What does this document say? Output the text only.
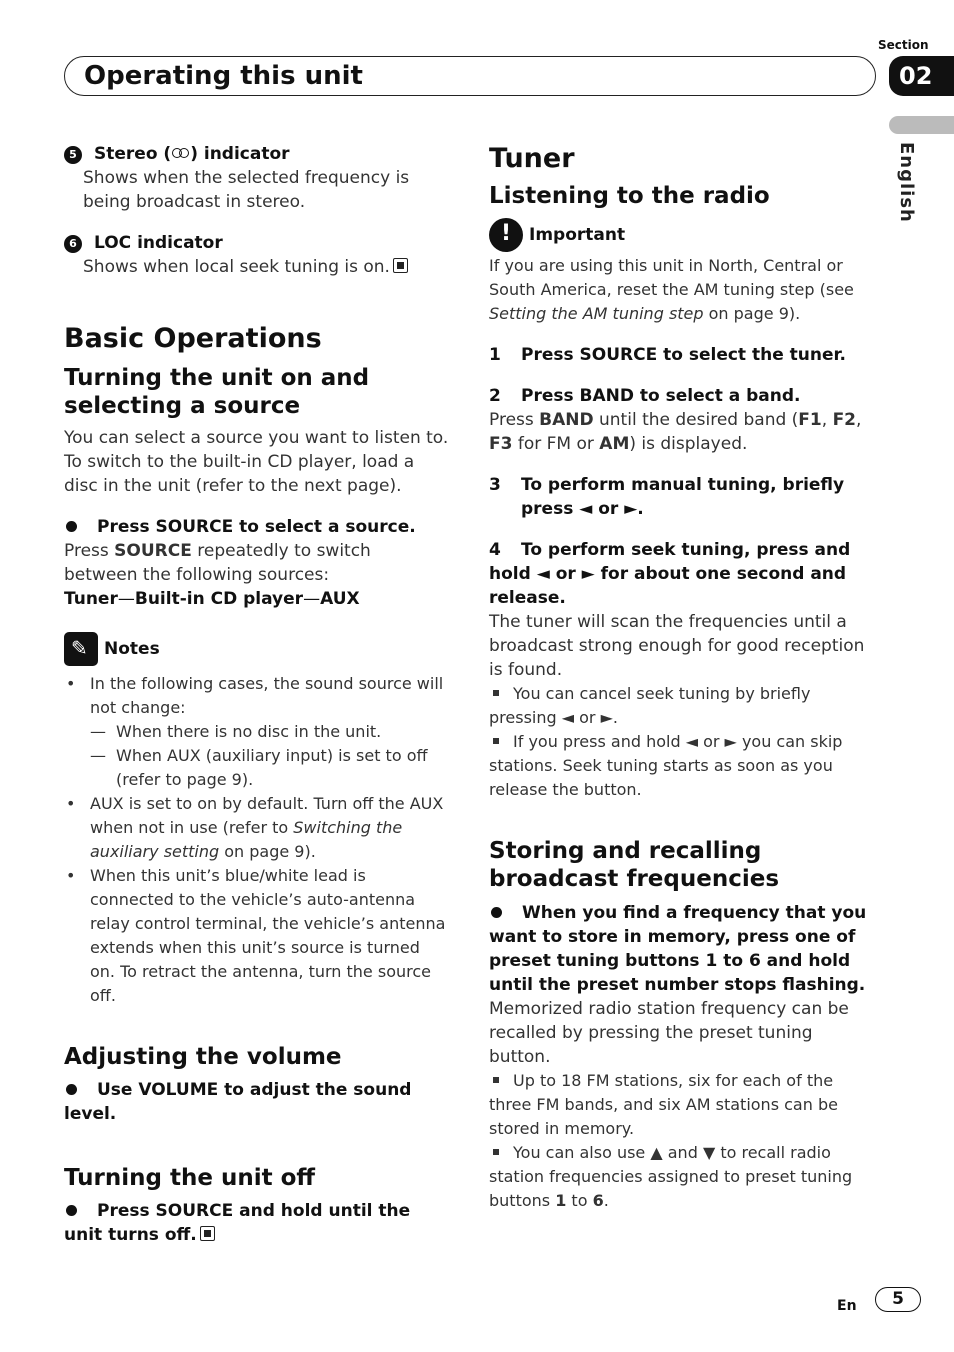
Section
02
Operating this unit
English
5 Stereo ( ) indicator
Shows when the selected frequency is being broadcast in stereo.
6 LOC indicator
Shows when local seek tuning is on.
Basic Operations
Turning the unit on and selecting a source
You can select a source you want to listen to. To switch to the built-in CD player, load a disc in the unit (refer to the next page).
Press SOURCE to select a source.
Press SOURCE repeatedly to switch between the following sources:
Tuner—Built-in CD player—AUX
✎ Notes
• In the following cases, the sound source will not change:
— When there is no disc in the unit.
— When AUX (auxiliary input) is set to off (refer to page 9).
• AUX is set to on by default. Turn off the AUX when not in use (refer to Switching the auxiliary setting on page 9).
• When this unit’s blue/white lead is connected to the vehicle’s auto-antenna relay control terminal, the vehicle’s antenna extends when this unit’s source is turned on. To retract the antenna, turn the source off.
Adjusting the volume
Use VOLUME to adjust the sound level.
Turning the unit off
Press SOURCE and hold until the unit turns off.
Tuner
Listening to the radio
! Important
If you are using this unit in North, Central or South America, reset the AM tuning step (see Setting the AM tuning step on page 9).
1 Press SOURCE to select the tuner.
2 Press BAND to select a band.
Press BAND until the desired band (F1, F2, F3 for FM or AM) is displayed.
3 To perform manual tuning, briefly press ◄ or ►.
4 To perform seek tuning, press and hold ◄ or ► for about one second and release.
The tuner will scan the frequencies until a broadcast strong enough for good reception is found.
You can cancel seek tuning by briefly pressing ◄ or ►.
If you press and hold ◄ or ► you can skip stations. Seek tuning starts as soon as you release the button.
Storing and recalling broadcast frequencies
When you find a frequency that you want to store in memory, press one of preset tuning buttons 1 to 6 and hold until the preset number stops flashing.
Memorized radio station frequency can be recalled by pressing the preset tuning button.
Up to 18 FM stations, six for each of the three FM bands, and six AM stations can be stored in memory.
You can also use ▲ and ▼ to recall radio station frequencies assigned to preset tuning buttons 1 to 6.
En	5
